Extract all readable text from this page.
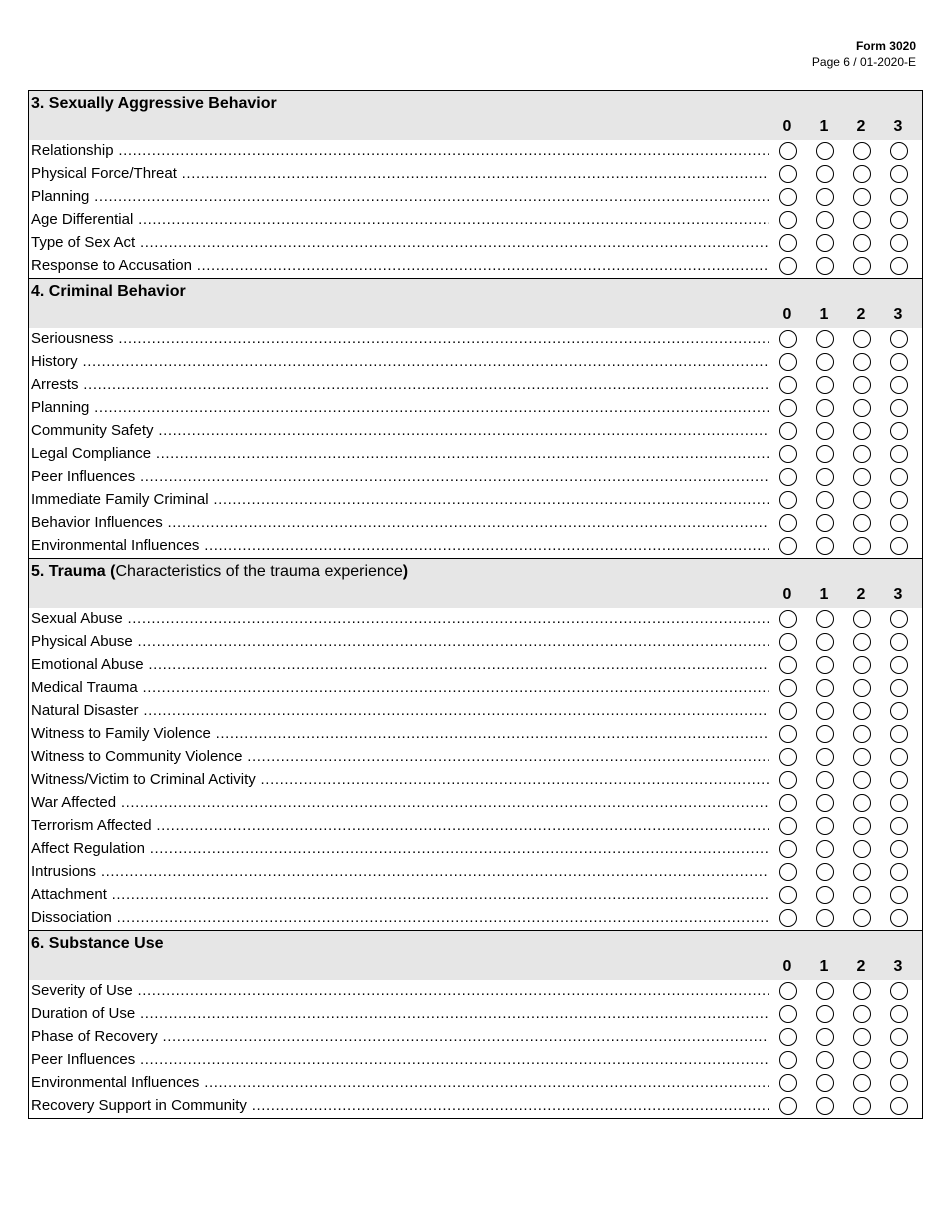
Form 3020
Page 6 / 01-2020-E
3. Sexually Aggressive Behavior
0	1	2	3
Relationship .....
Physical Force/Threat .....
Planning .....
Age Differential .....
Type of Sex Act .....
Response to Accusation .....
4. Criminal Behavior
0	1	2	3
Seriousness .....
History .....
Arrests .....
Planning .....
Community Safety .....
Legal Compliance .....
Peer Influences .....
Immediate Family Criminal .....
Behavior Influences .....
Environmental Influences .....
5. Trauma (Characteristics of the trauma experience)
0	1	2	3
Sexual Abuse .....
Physical Abuse .....
Emotional Abuse .....
Medical Trauma .....
Natural Disaster .....
Witness to Family Violence .....
Witness to Community Violence .....
Witness/Victim to Criminal Activity .....
War Affected .....
Terrorism Affected .....
Affect Regulation .....
Intrusions .....
Attachment .....
Dissociation .....
6. Substance Use
0	1	2	3
Severity of Use .....
Duration of Use .....
Phase of Recovery .....
Peer Influences .....
Environmental Influences .....
Recovery Support in Community .....
